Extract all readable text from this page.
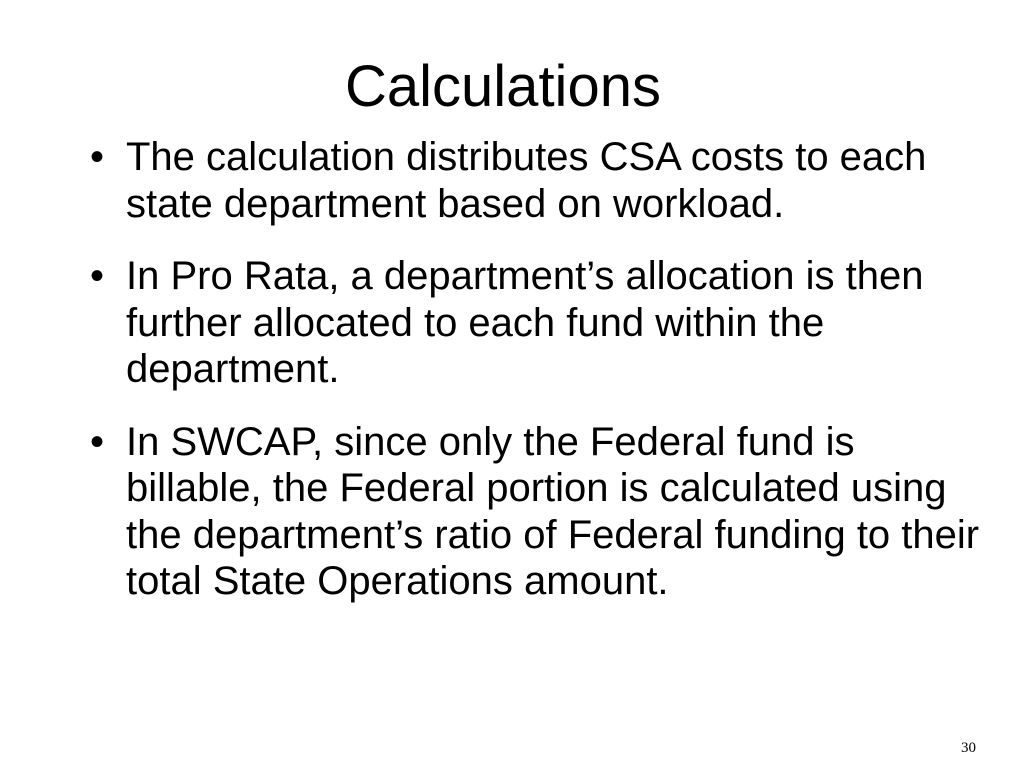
Calculations
• The calculation distributes CSA costs to each state department based on workload.
• In Pro Rata, a department’s allocation is then further allocated to each fund within the department.
• In SWCAP, since only the Federal fund is billable, the Federal portion is calculated using the department’s ratio of Federal funding to their total State Operations amount.
30
